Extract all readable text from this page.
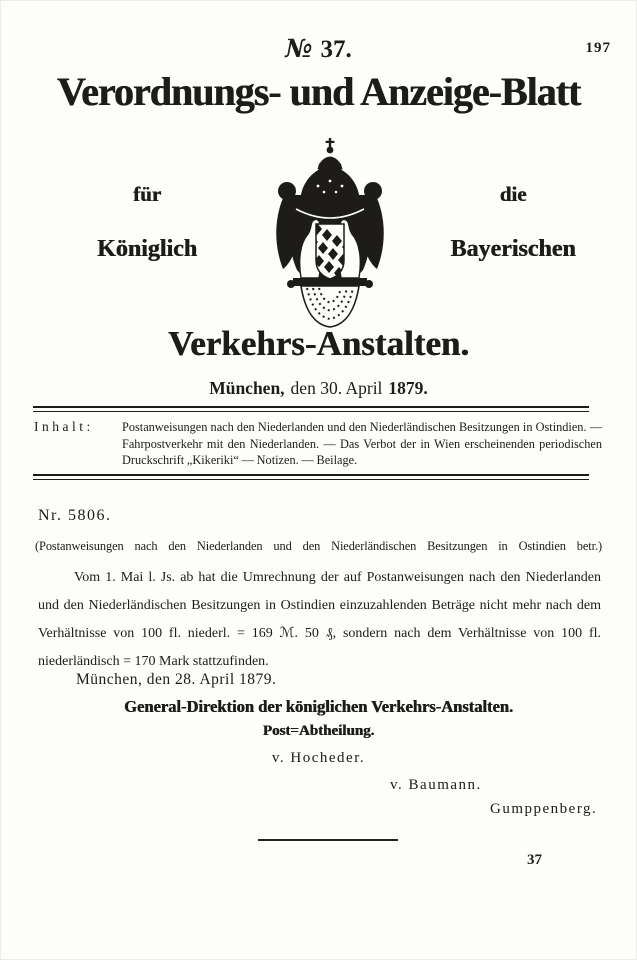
№ 37.	197
Verordnungs- und Anzeige-Blatt
für	die
Königlich	Bayerischen
Verkehrs-Anstalten.
München, den 30. April 1879.
Inhalt:	Postanweisungen nach den Niederlanden und den Niederländischen Besitzungen in Ostindien. — Fahrpostverkehr mit den Niederlanden. — Das Verbot der in Wien erscheinenden periodischen Druckschrift „Kikeriki“ — Notizen. — Beilage.
Nr. 5806.
(Postanweisungen nach den Niederlanden und den Niederländischen Besitzungen in Ostindien betr.)

Vom 1. Mai l. Js. ab hat die Umrechnung der auf Postanweisungen nach den Niederlanden und den Niederländischen Besitzungen in Ostindien einzuzahlenden Beträge nicht mehr nach dem Verhältnisse von 100 fl. niederl. = 169 ℳ. 50 ₰, sondern nach dem Verhältnisse von 100 fl. niederländisch = 170 Mark stattzufinden.

München, den 28. April 1879.
General-Direktion der königlichen Verkehrs-Anstalten.
Post=Abtheilung.
v. Hocheder.
v. Baumann.
Gumppenberg.
37
